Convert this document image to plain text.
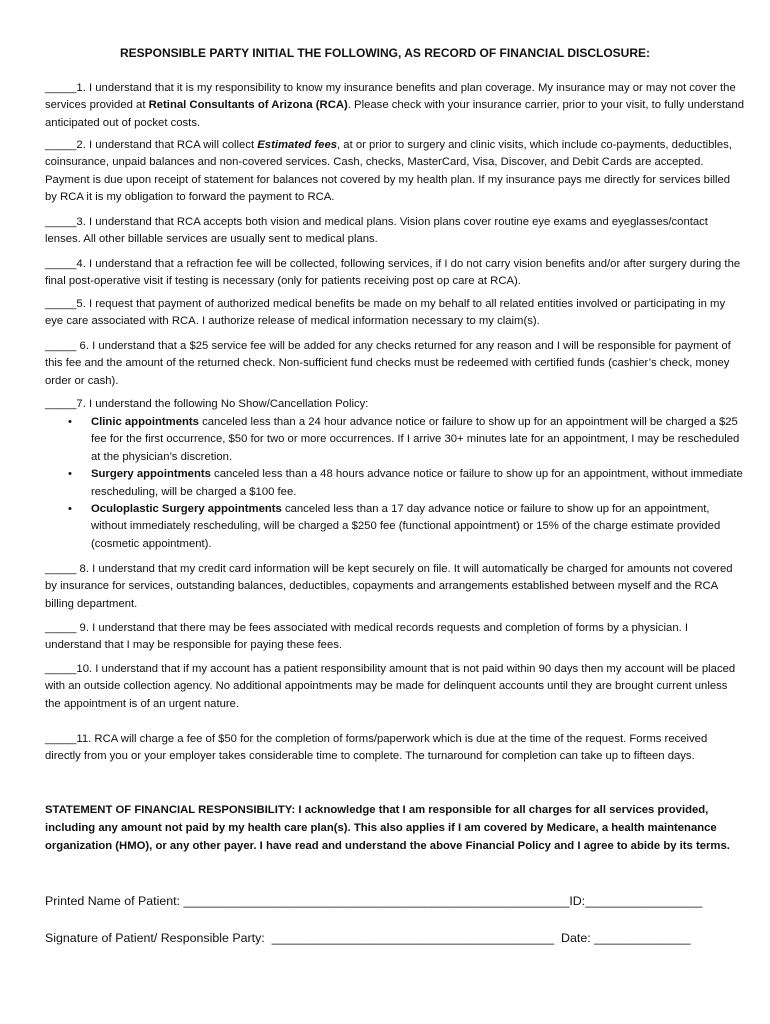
RESPONSIBLE PARTY INITIAL THE FOLLOWING, AS RECORD OF FINANCIAL DISCLOSURE:
_____1. I understand that it is my responsibility to know my insurance benefits and plan coverage. My insurance may or may not cover the services provided at Retinal Consultants of Arizona (RCA). Please check with your insurance carrier, prior to your visit, to fully understand anticipated out of pocket costs.
_____2. I understand that RCA will collect Estimated fees, at or prior to surgery and clinic visits, which include co-payments, deductibles, coinsurance, unpaid balances and non-covered services. Cash, checks, MasterCard, Visa, Discover, and Debit Cards are accepted. Payment is due upon receipt of statement for balances not covered by my health plan. If my insurance pays me directly for services billed by RCA it is my obligation to forward the payment to RCA.
_____3. I understand that RCA accepts both vision and medical plans. Vision plans cover routine eye exams and eyeglasses/contact lenses. All other billable services are usually sent to medical plans.
_____4. I understand that a refraction fee will be collected, following services, if I do not carry vision benefits and/or after surgery during the final post-operative visit if testing is necessary (only for patients receiving post op care at RCA).
_____5. I request that payment of authorized medical benefits be made on my behalf to all related entities involved or participating in my eye care associated with RCA. I authorize release of medical information necessary to my claim(s).
_____ 6. I understand that a $25 service fee will be added for any checks returned for any reason and I will be responsible for payment of this fee and the amount of the returned check. Non-sufficient fund checks must be redeemed with certified funds (cashier’s check, money order or cash).
_____7. I understand the following No Show/Cancellation Policy:
• Clinic appointments canceled less than a 24 hour advance notice or failure to show up for an appointment will be charged a $25 fee for the first occurrence, $50 for two or more occurrences. If I arrive 30+ minutes late for an appointment, I may be rescheduled at the physician’s discretion.
• Surgery appointments canceled less than a 48 hours advance notice or failure to show up for an appointment, without immediate rescheduling, will be charged a $100 fee.
• Oculoplastic Surgery appointments canceled less than a 17 day advance notice or failure to show up for an appointment, without immediately rescheduling, will be charged a $250 fee (functional appointment) or 15% of the charge estimate provided (cosmetic appointment).
_____ 8. I understand that my credit card information will be kept securely on file. It will automatically be charged for amounts not covered by insurance for services, outstanding balances, deductibles, copayments and arrangements established between myself and the RCA billing department.
_____ 9. I understand that there may be fees associated with medical records requests and completion of forms by a physician. I understand that I may be responsible for paying these fees.
_____10. I understand that if my account has a patient responsibility amount that is not paid within 90 days then my account will be placed with an outside collection agency. No additional appointments may be made for delinquent accounts until they are brought current unless the appointment is of an urgent nature.
_____11. RCA will charge a fee of $50 for the completion of forms/paperwork which is due at the time of the request. Forms received directly from you or your employer takes considerable time to complete. The turnaround for completion can take up to fifteen days.
STATEMENT OF FINANCIAL RESPONSIBILITY: I acknowledge that I am responsible for all charges for all services provided, including any amount not paid by my health care plan(s). This also applies if I am covered by Medicare, a health maintenance organization (HMO), or any other payer. I have read and understand the above Financial Policy and I agree to abide by its terms.
Printed Name of Patient: ________________________________________________________ID:_________________
Signature of Patient/ Responsible Party:  _________________________________________  Date: ______________
